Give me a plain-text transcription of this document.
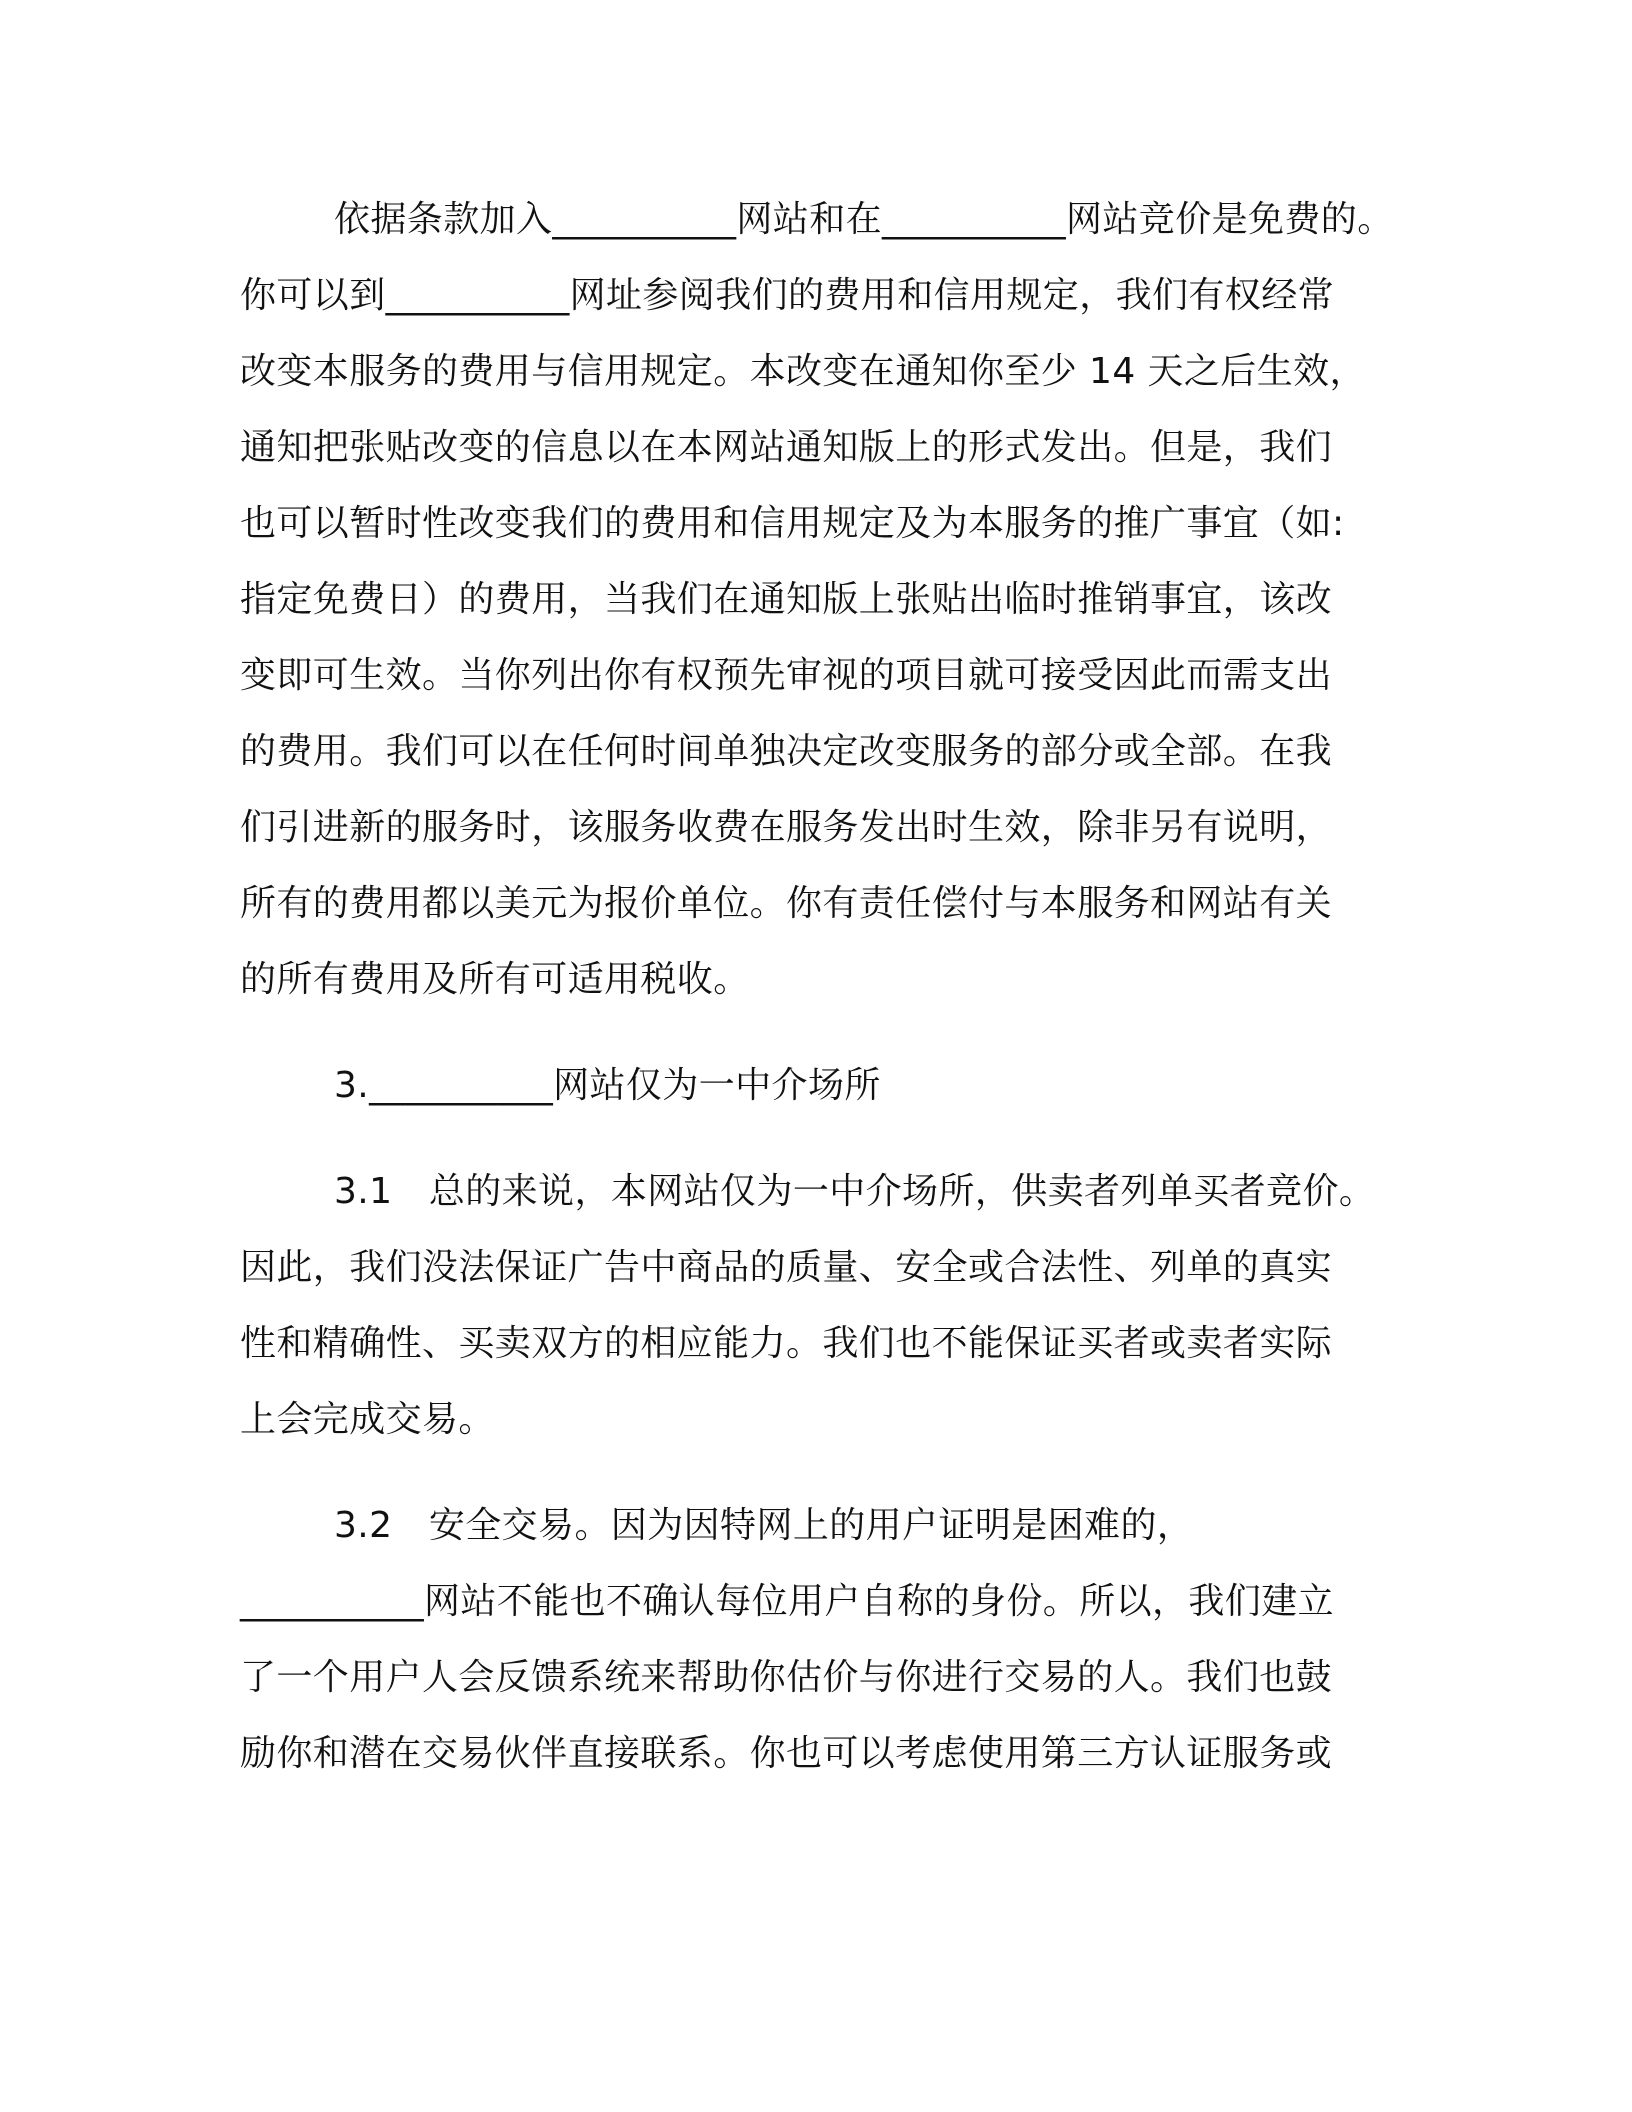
依据条款加入__________网站和在__________网站竞价是免费的。
你可以到__________网址参阅我们的费用和信用规定，我们有权经常
改变本服务的费用与信用规定。本改变在通知你至少 14 天之后生效，
通知把张贴改变的信息以在本网站通知版上的形式发出。但是，我们
也可以暂时性改变我们的费用和信用规定及为本服务的推广事宜（如:
指定免费日）的费用，当我们在通知版上张贴出临时推销事宜，该改
变即可生效。当你列出你有权预先审视的项目就可接受因此而需支出
的费用。我们可以在任何时间单独决定改变服务的部分或全部。在我
们引进新的服务时，该服务收费在服务发出时生效，除非另有说明，
所有的费用都以美元为报价单位。你有责任偿付与本服务和网站有关
的所有费用及所有可适用税收。
3.__________网站仅为一中介场所
3.1　总的来说，本网站仅为一中介场所，供卖者列单买者竞价。
因此，我们没法保证广告中商品的质量、安全或合法性、列单的真实
性和精确性、买卖双方的相应能力。我们也不能保证买者或卖者实际
上会完成交易。
3.2　安全交易。因为因特网上的用户证明是困难的，
__________网站不能也不确认每位用户自称的身份。所以，我们建立
了一个用户人会反馈系统来帮助你估价与你进行交易的人。我们也鼓
励你和潜在交易伙伴直接联系。你也可以考虑使用第三方认证服务或
